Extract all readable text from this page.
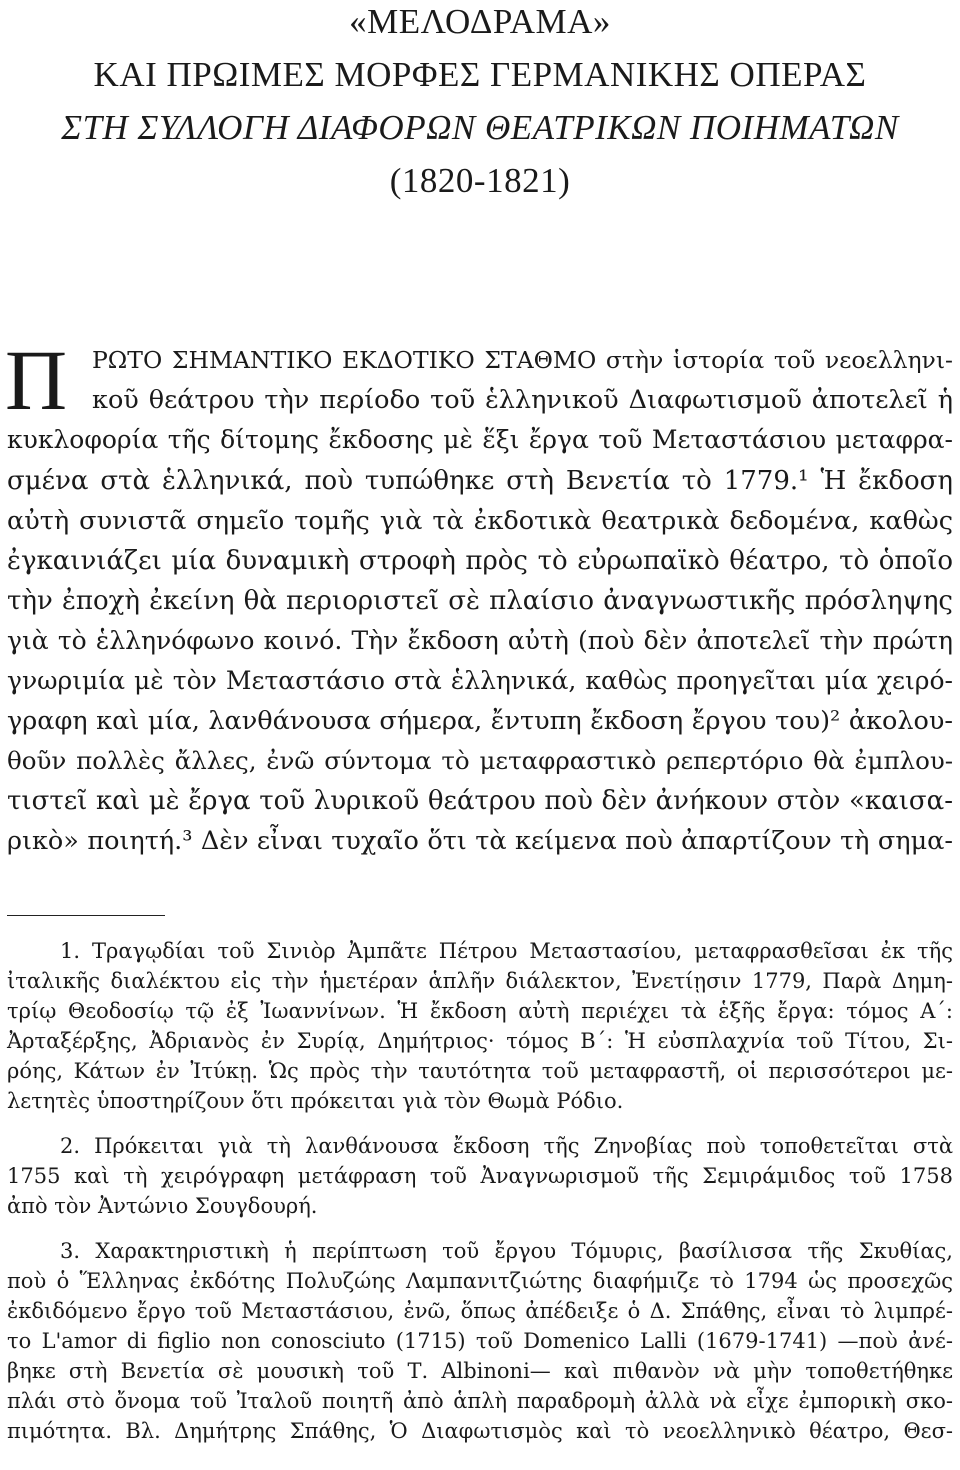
«ΜΕΛΟΔΡΑΜΑ»
ΚΑΙ ΠΡΩΙΜΕΣ ΜΟΡΦΕΣ ΓΕΡΜΑΝΙΚΗΣ ΟΠΕΡΑΣ
ΣΤΗ ΣΥΛΛΟΓΗ ΔΙΑΦΟΡΩΝ ΘΕΑΤΡΙΚΩΝ ΠΟΙΗΜΑΤΩΝ
(1820-1821)
Π ΡΩΤΟ ΣΗΜΑΝΤΙΚΟ ΕΚΔΟΤΙΚΟ ΣΤΑΘΜΟ στὴν ἱστορία τοῦ νεοελληνι-
κοῦ θεάτρου τὴν περίοδο τοῦ ἑλληνικοῦ Διαφωτισμοῦ ἀποτελεῖ ἡ
κυκλοφορία τῆς δίτομης ἔκδοσης μὲ ἕξι ἔργα τοῦ Μεταστάσιου μεταφρα-
σμένα στὰ ἑλληνικά, ποὺ τυπώθηκε στὴ Βενετία τὸ 1779.¹ Ἡ ἔκδοση
αὐτὴ συνιστᾶ σημεῖο τομῆς γιὰ τὰ ἐκδοτικὰ θεατρικὰ δεδομένα, καθὼς
ἐγκαινιάζει μία δυναμικὴ στροφὴ πρὸς τὸ εὐρωπαϊκὸ θέατρο, τὸ ὁποῖο
τὴν ἐποχὴ ἐκείνη θὰ περιοριστεῖ σὲ πλαίσιο ἀναγνωστικῆς πρόσληψης
γιὰ τὸ ἑλληνόφωνο κοινό. Τὴν ἔκδοση αὐτὴ (ποὺ δὲν ἀποτελεῖ τὴν πρώτη
γνωριμία μὲ τὸν Μεταστάσιο στὰ ἑλληνικά, καθὼς προηγεῖται μία χειρό-
γραφη καὶ μία, λανθάνουσα σήμερα, ἔντυπη ἔκδοση ἔργου του)² ἀκολου-
θοῦν πολλὲς ἄλλες, ἐνῶ σύντομα τὸ μεταφραστικὸ ρεπερτόριο θὰ ἐμπλου-
τιστεῖ καὶ μὲ ἔργα τοῦ λυρικοῦ θεάτρου ποὺ δὲν ἀνήκουν στὸν «καισα-
ρικὸ» ποιητή.³ Δὲν εἶναι τυχαῖο ὅτι τὰ κείμενα ποὺ ἀπαρτίζουν τὴ σημα-
1. Τραγῳδίαι τοῦ Σινιὸρ Ἀμπᾶτε Πέτρου Μεταστασίου, μεταφρασθεῖσαι ἐκ τῆς
ἰταλικῆς διαλέκτου εἰς τὴν ἡμετέραν ἁπλῆν διάλεκτον, Ἐνετίῃσιν 1779, Παρὰ Δημη-
τρίῳ Θεοδοσίῳ τῷ ἐξ Ἰωαννίνων. Ἡ ἔκδοση αὐτὴ περιέχει τὰ ἑξῆς ἔργα: τόμος Α΄:
Ἀρταξέρξης, Ἀδριανὸς ἐν Συρίᾳ, Δημήτριος· τόμος Β΄: Ἡ εὐσπλαχνία τοῦ Τίτου, Σι-
ρόης, Κάτων ἐν Ἰτύκῃ. Ὡς πρὸς τὴν ταυτότητα τοῦ μεταφραστῆ, οἱ περισσότεροι με-
λετητὲς ὑποστηρίζουν ὅτι πρόκειται γιὰ τὸν Θωμὰ Ρόδιο.
2. Πρόκειται γιὰ τὴ λανθάνουσα ἔκδοση τῆς Ζηνοβίας ποὺ τοποθετεῖται στὰ
1755 καὶ τὴ χειρόγραφη μετάφραση τοῦ Ἀναγνωρισμοῦ τῆς Σεμιράμιδος τοῦ 1758
ἀπὸ τὸν Ἀντώνιο Σουγδουρή.
3. Χαρακτηριστικὴ ἡ περίπτωση τοῦ ἔργου Τόμυρις, βασίλισσα τῆς Σκυθίας,
ποὺ ὁ Ἕλληνας ἐκδότης Πολυζώης Λαμπανιτζιώτης διαφήμιζε τὸ 1794 ὡς προσεχῶς
ἐκδιδόμενο ἔργο τοῦ Μεταστάσιου, ἐνῶ, ὅπως ἀπέδειξε ὁ Δ. Σπάθης, εἶναι τὸ λιμπρέ-
το L'amor di figlio non conosciuto (1715) τοῦ Domenico Lalli (1679-1741) —ποὺ ἀνέ-
βηκε στὴ Βενετία σὲ μουσικὴ τοῦ Τ. Albinoni— καὶ πιθανὸν νὰ μὴν τοποθετήθηκε
πλάι στὸ ὄνομα τοῦ Ἰταλοῦ ποιητῆ ἀπὸ ἁπλὴ παραδρομὴ ἀλλὰ νὰ εἶχε ἐμπορικὴ σκο-
πιμότητα. Βλ. Δημήτρης Σπάθης, Ὁ Διαφωτισμὸς καὶ τὸ νεοελληνικὸ θέατρο, Θεσ-
